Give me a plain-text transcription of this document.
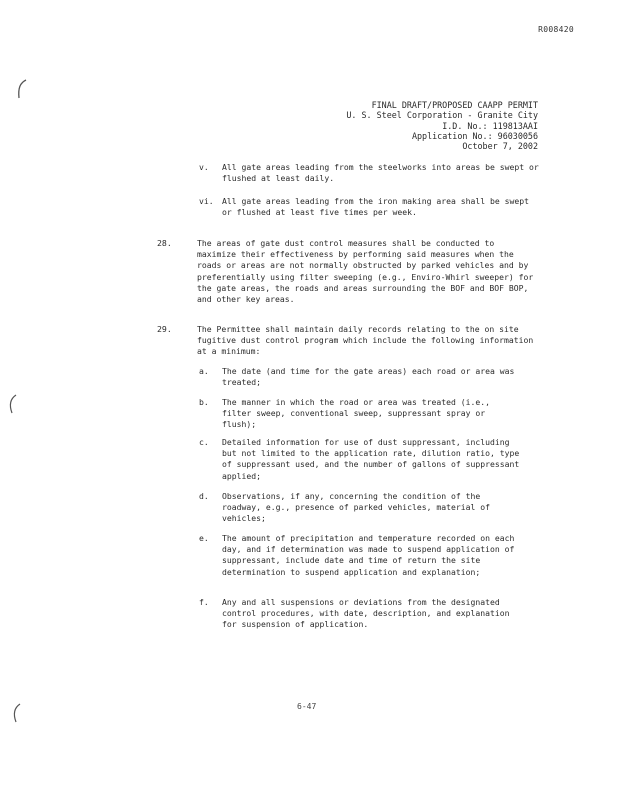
R008420
FINAL DRAFT/PROPOSED CAAPP PERMIT
U. S. Steel Corporation - Granite City
I.D. No.: 119813AAI
Application No.: 96030056
October 7, 2002
v.	All gate areas leading from the steelworks into areas be swept or flushed at least daily.
vi.	All gate areas leading from the iron making area shall be swept or flushed at least five times per week.
28.	The areas of gate dust control measures shall be conducted to maximize their effectiveness by performing said measures when the roads or areas are not normally obstructed by parked vehicles and by preferentially using filter sweeping (e.g., Enviro-Whirl sweeper) for the gate areas, the roads and areas surrounding the BOF and BOF BOP, and other key areas.
29.	The Permittee shall maintain daily records relating to the on site fugitive dust control program which include the following information at a minimum:
a.	The date (and time for the gate areas) each road or area was treated;
b.	The manner in which the road or area was treated (i.e., filter sweep, conventional sweep, suppressant spray or flush);
c.	Detailed information for use of dust suppressant, including but not limited to the application rate, dilution ratio, type of suppressant used, and the number of gallons of suppressant applied;
d.	Observations, if any, concerning the condition of the roadway, e.g., presence of parked vehicles, material of vehicles;
e.	The amount of precipitation and temperature recorded on each day, and if determination was made to suspend application of suppressant, include date and time of return the site determination to suspend application and explanation;
f.	Any and all suspensions or deviations from the designated control procedures, with date, description, and explanation for suspension of application.
6-47
